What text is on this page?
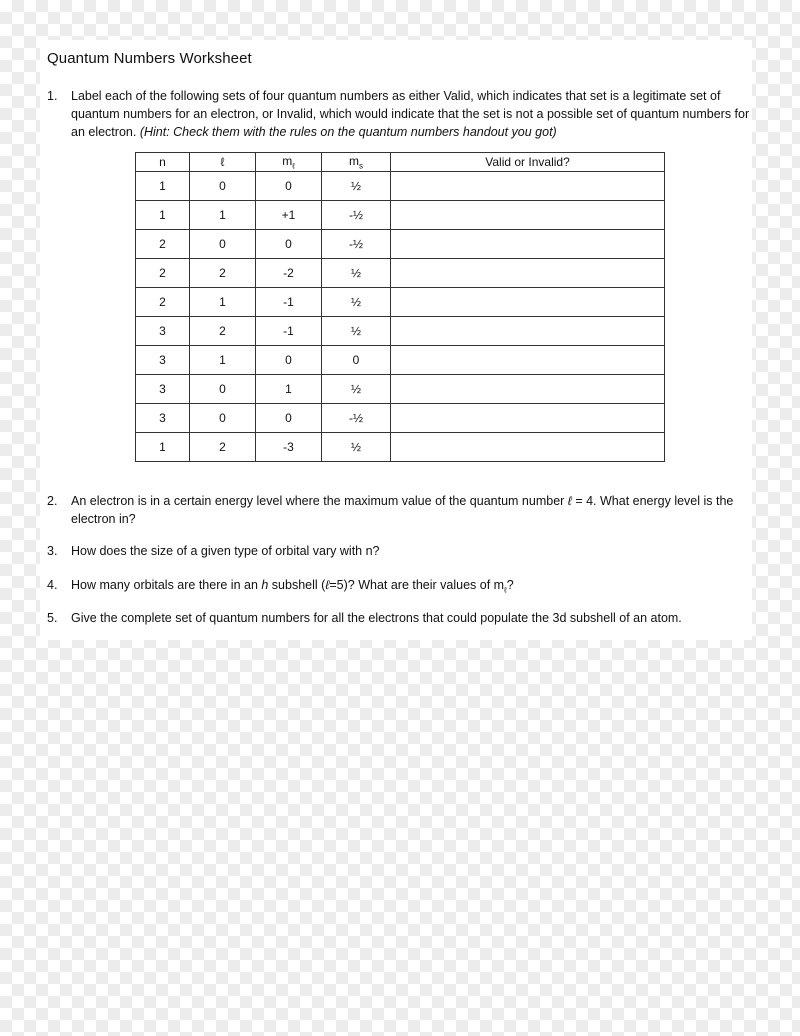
Quantum Numbers Worksheet
1. Label each of the following sets of four quantum numbers as either Valid, which indicates that set is a legitimate set of quantum numbers for an electron, or Invalid, which would indicate that the set is not a possible set of quantum numbers for an electron. (Hint: Check them with the rules on the quantum numbers handout you got)
n	ℓ	$m_\ell$	$m_s$	Valid or Invalid?
1	0	0	½	
1	1	+1	-½	
2	0	0	-½	
2	2	-2	½	
2	1	-1	½	
3	2	-1	½	
3	1	0	0	
3	0	1	½	
3	0	0	-½	
1	2	-3	½	
2. An electron is in a certain energy level where the maximum value of the quantum number ℓ = 4. What energy level is the electron in?
3. How does the size of a given type of orbital vary with n?
4. How many orbitals are there in an h subshell (ℓ=5)? What are their values of $m_\ell$?
5. Give the complete set of quantum numbers for all the electrons that could populate the 3d subshell of an atom.
